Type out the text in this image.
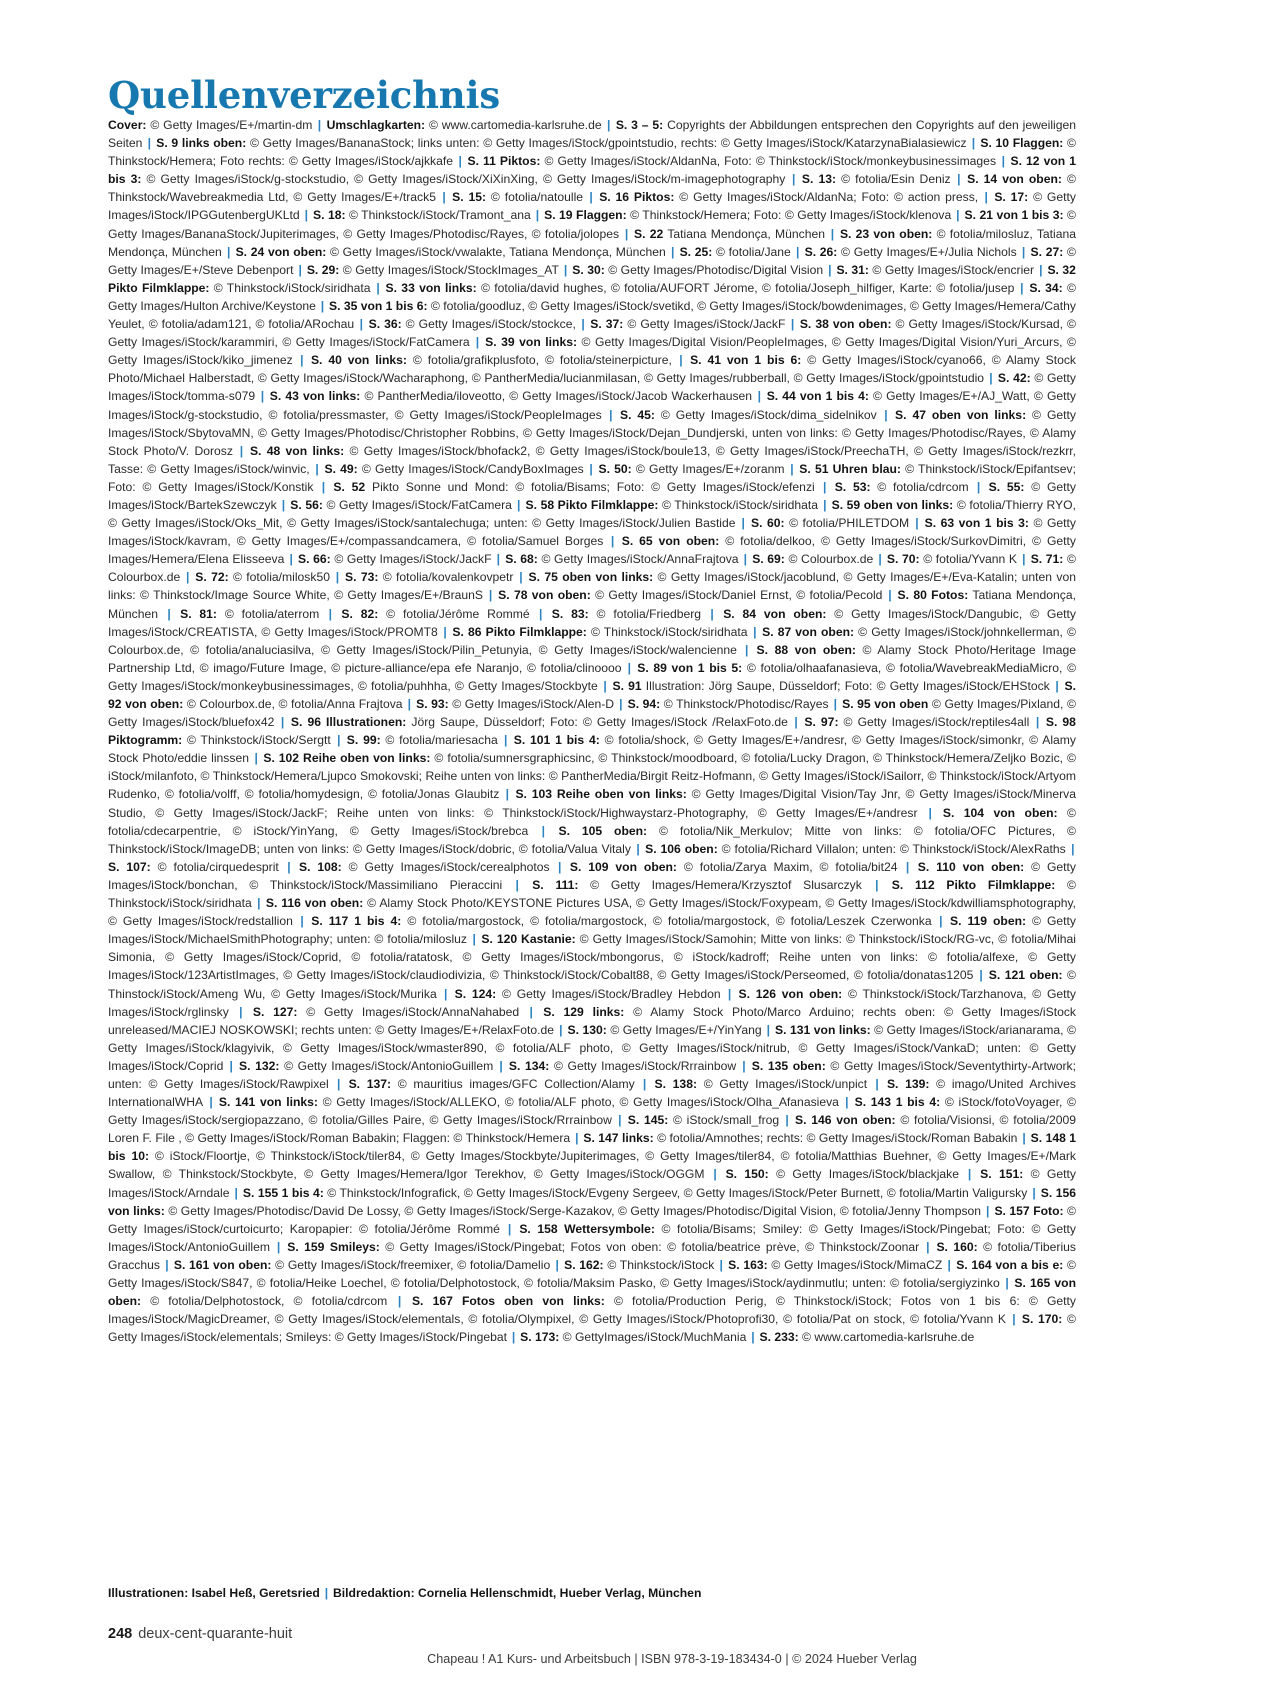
Quellenverzeichnis
Cover: © Getty Images/E+/martin-dm | Umschlagkarten: © www.cartomedia-karlsruhe.de | S. 3 – 5: Copyrights der Abbildungen entsprechen den Copyrights auf den jeweiligen Seiten | S. 9 links oben: © Getty Images/BananaStock; links unten: © Getty Images/iStock/gpointstudio, rechts: © Getty Images/iStock/KatarzynaBialasiewicz | S. 10 Flaggen: © Thinkstock/Hemera; Foto rechts: © Getty Images/iStock/ajkkafe | S. 11 Piktos: © Getty Images/iStock/AldanNa, Foto: © Thinkstock/iStock/monkeybusinessimages | S. 12 von 1 bis 3: © Getty Images/iStock/g-stockstudio, © Getty Images/iStock/XiXinXing, © Getty Images/iStock/m-imagephotography | S. 13: © fotolia/Esin Deniz | S. 14 von oben: © Thinkstock/Wavebreakmedia Ltd, © Getty Images/E+/track5 | S. 15: © fotolia/natoulle | S. 16 Piktos: © Getty Images/iStock/AldanNa; Foto: © action press, | S. 17: © Getty Images/iStock/IPGGutenbergUKLtd | S. 18: © Thinkstock/iStock/Tramont_ana | S. 19 Flaggen: © Thinkstock/Hemera; Foto: © Getty Images/iStock/klenova | S. 21 von 1 bis 3: © Getty Images/BananaStock/Jupiterimages, © Getty Images/Photodisc/Rayes, © fotolia/jolopes | S. 22 Tatiana Mendonça, München | S. 23 von oben: © fotolia/milosluz, Tatiana Mendonça, München | S. 24 von oben: © Getty Images/iStock/vwalakte, Tatiana Mendonça, München | S. 25: © fotolia/Jane | S. 26: © Getty Images/E+/Julia Nichols | S. 27: © Getty Images/E+/Steve Debenport | S. 29: © Getty Images/iStock/StockImages_AT | S. 30: © Getty Images/Photodisc/Digital Vision | S. 31: © Getty Images/iStock/encrier | S. 32 Pikto Filmklappe: © Thinkstock/iStock/siridhata | S. 33 von links: © fotolia/david hughes, © fotolia/AUFORT Jérome, © fotolia/Joseph_hilfiger, Karte: © fotolia/jusep | S. 34: © Getty Images/Hulton Archive/Keystone | S. 35 von 1 bis 6: © fotolia/goodluz, © Getty Images/iStock/svetikd, © Getty Images/iStock/bowdenimages, © Getty Images/Hemera/Cathy Yeulet, © fotolia/adam121, © fotolia/ARochau | S. 36: © Getty Images/iStock/stockce, | S. 37: © Getty Images/iStock/JackF | S. 38 von oben: © Getty Images/iStock/Kursad, © Getty Images/iStock/karammiri, © Getty Images/iStock/FatCamera | S. 39 von links: © Getty Images/Digital Vision/PeopleImages, © Getty Images/Digital Vision/Yuri_Arcurs, © Getty Images/iStock/kiko_jimenez | S. 40 von links: © fotolia/grafikplusfoto, © fotolia/steinerpicture, | S. 41 von 1 bis 6: © Getty Images/iStock/cyano66, © Alamy Stock Photo/Michael Halberstadt, © Getty Images/iStock/Wacharaphong, © PantherMedia/lucianmilasan, © Getty Images/rubberball, © Getty Images/iStock/gpointstudio | S. 42: © Getty Images/iStock/tomma-s079 | S. 43 von links: © PantherMedia/iloveotto, © Getty Images/iStock/Jacob Wackerhausen | S. 44 von 1 bis 4: © Getty Images/E+/AJ_Watt, © Getty Images/iStock/g-stockstudio, © fotolia/pressmaster, © Getty Images/iStock/PeopleImages | S. 45: © Getty Images/iStock/dima_sidelnikov | S. 47 oben von links: © Getty Images/iStock/SbytovaMN, © Getty Images/Photodisc/Christopher Robbins, © Getty Images/iStock/Dejan_Dundjerski, unten von links: © Getty Images/Photodisc/Rayes, © Alamy Stock Photo/V. Dorosz | S. 48 von links: © Getty Images/iStock/bhofack2, © Getty Images/iStock/boule13, © Getty Images/iStock/PreechaTH, © Getty Images/iStock/rezkrr, Tasse: © Getty Images/iStock/winvic, | S. 49: © Getty Images/iStock/CandyBoxImages | S. 50: © Getty Images/E+/zoranm | S. 51 Uhren blau: © Thinkstock/iStock/Epifantsev; Foto: © Getty Images/iStock/Konstik | S. 52 Pikto Sonne und Mond: © fotolia/Bisams; Foto: © Getty Images/iStock/efenzi | S. 53: © fotolia/cdrcom | S. 55: © Getty Images/iStock/BartekSzewczyk | S. 56: © Getty Images/iStock/FatCamera | S. 58 Pikto Filmklappe: © Thinkstock/iStock/siridhata | S. 59 oben von links: © fotolia/Thierry RYO, © Getty Images/iStock/Oks_Mit, © Getty Images/iStock/santalechuga; unten: © Getty Images/iStock/Julien Bastide | S. 60: © fotolia/PHILETDOM | S. 63 von 1 bis 3: © Getty Images/iStock/kavram, © Getty Images/E+/compassandcamera, © fotolia/Samuel Borges | S. 65 von oben: © fotolia/delkoo, © Getty Images/iStock/SurkovDimitri, © Getty Images/Hemera/Elena Elisseeva | S. 66: © Getty Images/iStock/JackF | S. 68: © Getty Images/iStock/AnnaFrajtova | S. 69: © Colourbox.de | S. 70: © fotolia/Yvann K | S. 71: © Colourbox.de | S. 72: © fotolia/milosk50 | S. 73: © fotolia/kovalenkovpetr | S. 75 oben von links: © Getty Images/iStock/jacoblund, © Getty Images/E+/Eva-Katalin; unten von links: © Thinkstock/Image Source White, © Getty Images/E+/BraunS | S. 78 von oben: © Getty Images/iStock/Daniel Ernst, © fotolia/Pecold | S. 80 Fotos: Tatiana Mendonça, München | S. 81: © fotolia/aterrom | S. 82: © fotolia/Jérôme Rommé | S. 83: © fotolia/Friedberg | S. 84 von oben: © Getty Images/iStock/Dangubic, © Getty Images/iStock/CREATISTA, © Getty Images/iStock/PROMT8 | S. 86 Pikto Filmklappe: © Thinkstock/iStock/siridhata | S. 87 von oben: © Getty Images/iStock/johnkellerman, © Colourbox.de, © fotolia/analuciasilva, © Getty Images/iStock/Pilin_Petunyia, © Getty Images/iStock/walencienne | S. 88 von oben: © Alamy Stock Photo/Heritage Image Partnership Ltd, © imago/Future Image, © picture-alliance/epa efe Naranjo, © fotolia/clinoooo | S. 89 von 1 bis 5: © fotolia/olhaafanasieva, © fotolia/WavebreakMediaMicro, © Getty Images/iStock/monkeybusinessimages, © fotolia/puhhha, © Getty Images/Stockbyte | S. 91 Illustration: Jörg Saupe, Düsseldorf; Foto: © Getty Images/iStock/EHStock | S. 92 von oben: © Colourbox.de, © fotolia/Anna Frajtova | S. 93: © Getty Images/iStock/Alen-D | S. 94: © Thinkstock/Photodisc/Rayes | S. 95 von oben © Getty Images/Pixland, © Getty Images/iStock/bluefox42 | S. 96 Illustrationen: Jörg Saupe, Düsseldorf; Foto: © Getty Images/iStock /RelaxFoto.de | S. 97: © Getty Images/iStock/reptiles4all | S. 98 Piktogramm: © Thinkstock/iStock/Sergtt | S. 99: © fotolia/mariesacha | S. 101 1 bis 4: © fotolia/shock, © Getty Images/E+/andresr, © Getty Images/iStock/simonkr, © Alamy Stock Photo/eddie linssen | S. 102 Reihe oben von links: © fotolia/sumnersgraphicsinc, © Thinkstock/moodboard, © fotolia/Lucky Dragon, © Thinkstock/Hemera/Zeljko Bozic, © iStock/milanfoto, © Thinkstock/Hemera/Ljupco Smokovski; Reihe unten von links: © PantherMedia/Birgit Reitz-Hofmann, © Getty Images/iStock/iSailorr, © Thinkstock/iStock/Artyom Rudenko, © fotolia/volff, © fotolia/homydesign, © fotolia/Jonas Glaubitz | S. 103 Reihe oben von links: © Getty Images/Digital Vision/Tay Jnr, © Getty Images/iStock/Minerva Studio, © Getty Images/iStock/JackF; Reihe unten von links: © Thinkstock/iStock/Highwaystarz-Photography, © Getty Images/E+/andresr | S. 104 von oben: © fotolia/cdecarpentrie, © iStock/YinYang, © Getty Images/iStock/brebca | S. 105 oben: © fotolia/Nik_Merkulov; Mitte von links: © fotolia/OFC Pictures, © Thinkstock/iStock/ImageDB; unten von links: © Getty Images/iStock/dobric, © fotolia/Valua Vitaly | S. 106 oben: © fotolia/Richard Villalon; unten: © Thinkstock/iStock/AlexRaths | S. 107: © fotolia/cirquedesprit | S. 108: © Getty Images/iStock/cerealphotos | S. 109 von oben: © fotolia/Zarya Maxim, © fotolia/bit24 | S. 110 von oben: © Getty Images/iStock/bonchan, © Thinkstock/iStock/Massimiliano Pieraccini | S. 111: © Getty Images/Hemera/Krzysztof Slusarczyk | S. 112 Pikto Filmklappe: © Thinkstock/iStock/siridhata | S. 116 von oben: © Alamy Stock Photo/KEYSTONE Pictures USA, © Getty Images/iStock/Foxypeam, © Getty Images/iStock/kdwilliamsphotography, © Getty Images/iStock/redstallion | S. 117 1 bis 4: © fotolia/margostock, © fotolia/margostock, © fotolia/margostock, © fotolia/Leszek Czerwonka | S. 119 oben: © Getty Images/iStock/MichaelSmithPhotography; unten: © fotolia/milosluz | S. 120 Kastanie: © Getty Images/iStock/Samohin; Mitte von links: © Thinkstock/iStock/RG-vc, © fotolia/Mihai Simonia, © Getty Images/iStock/Coprid, © fotolia/ratatosk, © Getty Images/iStock/mbongorus, © iStock/kadroff; Reihe unten von links: © fotolia/alfexe, © Getty Images/iStock/123ArtistImages, © Getty Images/iStock/claudiodivizia, © Thinkstock/iStock/Cobalt88, © Getty Images/iStock/Perseomed, © fotolia/donatas1205 | S. 121 oben: © Thinstock/iStock/Ameng Wu, © Getty Images/iStock/Murika | S. 124: © Getty Images/iStock/Bradley Hebdon | S. 126 von oben: © Thinkstock/iStock/Tarzhanova, © Getty Images/iStock/rglinsky | S. 127: © Getty Images/iStock/AnnaNahabed | S. 129 links: © Alamy Stock Photo/Marco Arduino; rechts oben: © Getty Images/iStock unreleased/MACIEJ NOSKOWSKI; rechts unten: © Getty Images/E+/RelaxFoto.de | S. 130: © Getty Images/E+/YinYang | S. 131 von links: © Getty Images/iStock/arianarama, © Getty Images/iStock/klagyivik, © Getty Images/iStock/wmaster890, © fotolia/ALF photo, © Getty Images/iStock/nitrub, © Getty Images/iStock/VankaD; unten: © Getty Images/iStock/Coprid | S. 132: © Getty Images/iStock/AntonioGuillem | S. 134: © Getty Images/iStock/Rrrainbow | S. 135 oben: © Getty Images/iStock/Seventythirty-Artwork; unten: © Getty Images/iStock/Rawpixel | S. 137: © mauritius images/GFC Collection/Alamy | S. 138: © Getty Images/iStock/unpict | S. 139: © imago/United Archives InternationalWHA | S. 141 von links: © Getty Images/iStock/ALLEKO, © fotolia/ALF photo, © Getty Images/iStock/Olha_Afanasieva | S. 143 1 bis 4: © iStock/fotoVoyager, © Getty Images/iStock/sergiopazzano, © fotolia/Gilles Paire, © Getty Images/iStock/Rrrainbow | S. 145: © iStock/small_frog | S. 146 von oben: © fotolia/Visionsi, © fotolia/2009 Loren F. File , © Getty Images/iStock/Roman Babakin; Flaggen: © Thinkstock/Hemera | S. 147 links: © fotolia/Amnothes; rechts: © Getty Images/iStock/Roman Babakin | S. 148 1 bis 10: © iStock/Floortje, © Thinkstock/iStock/tiler84, © Getty Images/Stockbyte/Jupiterimages, © Getty Images/tiler84, © fotolia/Matthias Buehner, © Getty Images/E+/Mark Swallow, © Thinkstock/Stockbyte, © Getty Images/Hemera/Igor Terekhov, © Getty Images/iStock/OGGM | S. 150: © Getty Images/iStock/blackjake | S. 151: © Getty Images/iStock/Arndale | S. 155 1 bis 4: © Thinkstock/Infografick, © Getty Images/iStock/Evgeny Sergeev, © Getty Images/iStock/Peter Burnett, © fotolia/Martin Valigursky | S. 156 von links: © Getty Images/Photodisc/David De Lossy, © Getty Images/iStock/Serge-Kazakov, © Getty Images/Photodisc/Digital Vision, © fotolia/Jenny Thompson | S. 157 Foto: © Getty Images/iStock/curtoicurto; Karopapier: © fotolia/Jérôme Rommé | S. 158 Wettersymbole: © fotolia/Bisams; Smiley: © Getty Images/iStock/Pingebat; Foto: © Getty Images/iStock/AntonioGuillem | S. 159 Smileys: © Getty Images/iStock/Pingebat; Fotos von oben: © fotolia/beatrice prève, © Thinkstock/Zoonar | S. 160: © fotolia/Tiberius Gracchus | S. 161 von oben: © Getty Images/iStock/freemixer, © fotolia/Damelio | S. 162: © Thinkstock/iStock | S. 163: © Getty Images/iStock/MimaCZ | S. 164 von a bis e: © Getty Images/iStock/S847, © fotolia/Heike Loechel, © fotolia/Delphotostock, © fotolia/Maksim Pasko, © Getty Images/iStock/aydinmutlu; unten: © fotolia/sergiyzinko | S. 165 von oben: © fotolia/Delphotostock, © fotolia/cdrcom | S. 167 Fotos oben von links: © fotolia/Production Perig, © Thinkstock/iStock; Fotos von 1 bis 6: © Getty Images/iStock/MagicDreamer, © Getty Images/iStock/elementals, © fotolia/Olympixel, © Getty Images/iStock/Photoprofi30, © fotolia/Pat on stock, © fotolia/Yvann K | S. 170: © Getty Images/iStock/elementals; Smileys: © Getty Images/iStock/Pingebat | S. 173: © GettyImages/iStock/MuchMania | S. 233: © www.cartomedia-karlsruhe.de
Illustrationen: Isabel Heß, Geretsried | Bildredaktion: Cornelia Hellenschmidt, Hueber Verlag, München
248 deux-cent-quarante-huit
Chapeau ! A1 Kurs- und Arbeitsbuch | ISBN 978-3-19-183434-0 | © 2024 Hueber Verlag
